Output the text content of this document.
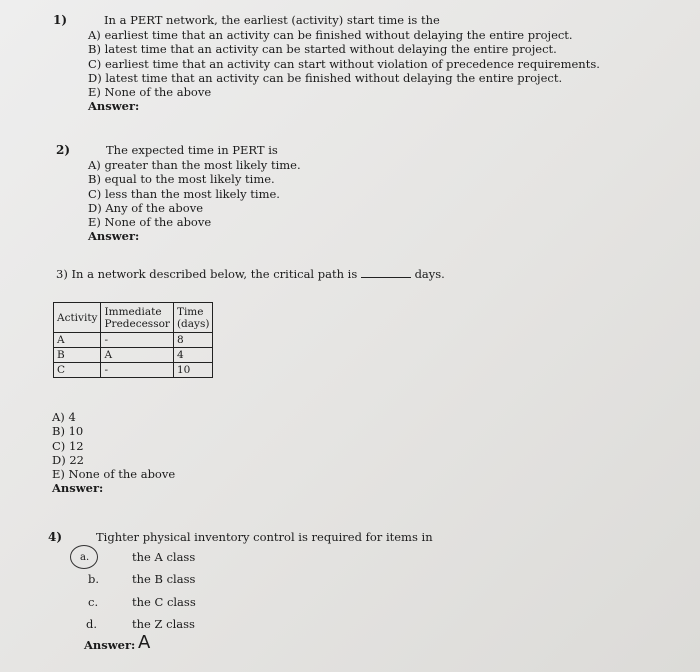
1)	In a PERT network, the earliest (activity) start time is the
A) earliest time that an activity can be finished without delaying the entire project.
B) latest time that an activity can be started without delaying the entire project.
C) earliest time that an activity can start without violation of precedence requirements.
D) latest time that an activity can be finished without delaying the entire project.
E) None of the above
Answer:
2)	The expected time in PERT is
A) greater than the most likely time.
B) equal to the most likely time.
C) less than the most likely time.
D) Any of the above
E) None of the above
Answer:
3) In a network described below, the critical path is	days.
Activity	Immediate Predecessor	Time (days)
A	-	8
B	A	4
C	-	10
A) 4
B) 10
C) 12
D) 22
E) None of the above
Answer:
4)	Tighter physical inventory control is required for items in
a.	the A class
b.	the B class
c.	the C class
d.	the Z class
Answer: A
